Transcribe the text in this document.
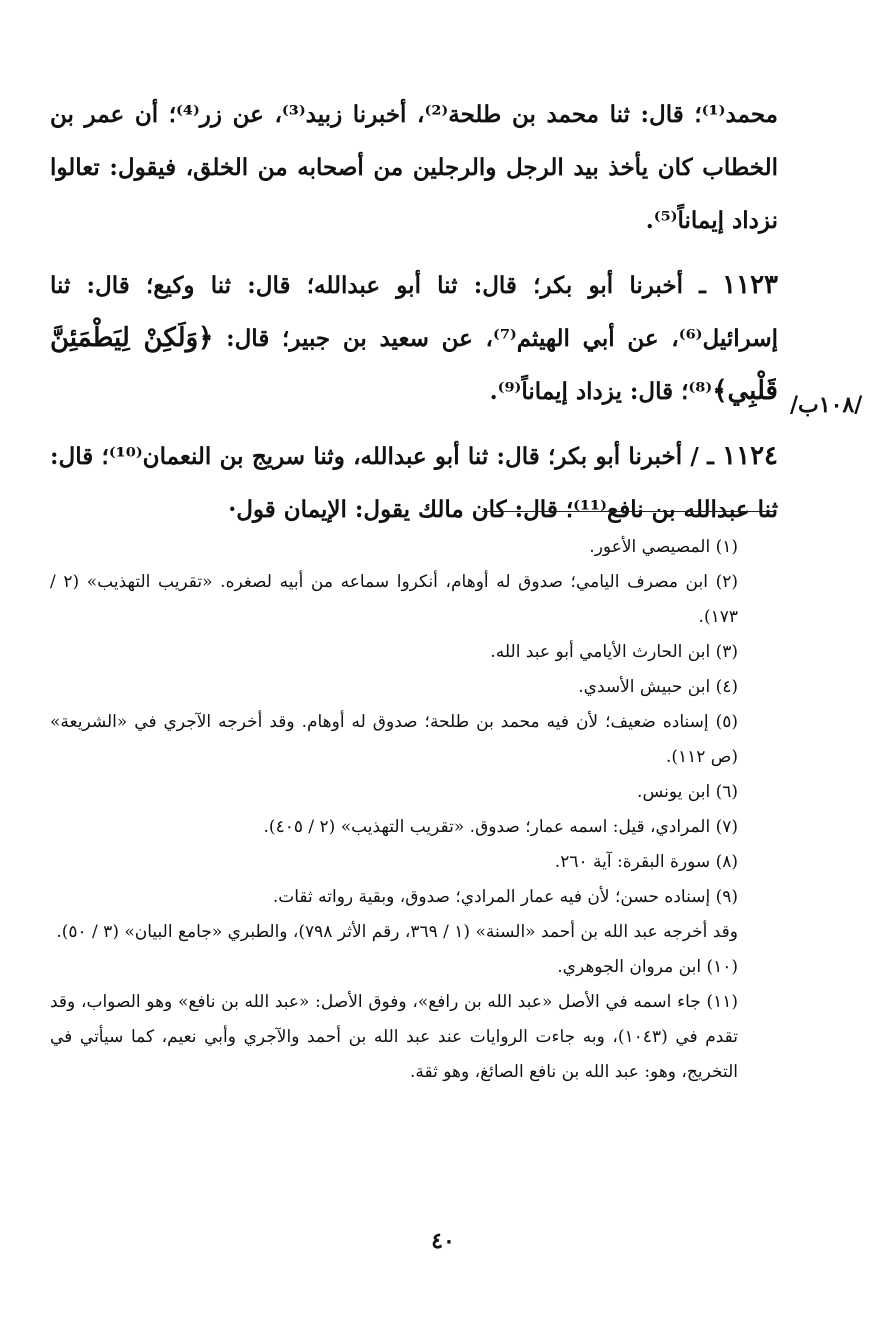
/١٠٨ب/

محمد⁽¹⁾؛ قال: ثنا محمد بن طلحة⁽²⁾، أخبرنا زبيد⁽³⁾، عن زر⁽⁴⁾؛ أن عمر بن الخطاب كان يأخذ بيد الرجل والرجلين من أصحابه من الخلق، فيقول: تعالوا نزداد إيماناً⁽⁵⁾.

١١٢٣ ـ أخبرنا أبو بكر؛ قال: ثنا أبو عبدالله؛ قال: ثنا وكيع؛ قال: ثنا إسرائيل⁽⁶⁾، عن أبي الهيثم⁽⁷⁾، عن سعيد بن جبير؛ قال: ﴿وَلَكِنْ لِيَطْمَئِنَّ قَلْبِي﴾⁽⁸⁾؛ قال: يزداد إيماناً⁽⁹⁾.

١١٢٤ ـ / أخبرنا أبو بكر؛ قال: ثنا أبو عبدالله، وثنا سريج بن النعمان⁽¹⁰⁾؛ قال: ثنا عبدالله بن نافع⁽¹¹⁾؛ قال: كان مالك يقول: الإيمان قول·

(١) المصيصي الأعور.

(٢) ابن مصرف اليامي؛ صدوق له أوهام، أنكروا سماعه من أبيه لصغره. «تقريب التهذيب» (٢ / ١٧٣).

(٣) ابن الحارث الأيامي أبو عبد الله.

(٤) ابن حبيش الأسدي.

(٥) إسناده ضعيف؛ لأن فيه محمد بن طلحة؛ صدوق له أوهام. وقد أخرجه الآجري في «الشريعة» (ص ١١٢).

(٦) ابن يونس.

(٧) المرادي، قيل: اسمه عمار؛ صدوق. «تقريب التهذيب» (٢ / ٤٠٥).

(٨) سورة البقرة: آية ٢٦٠.

(٩) إسناده حسن؛ لأن فيه عمار المرادي؛ صدوق، وبقية رواته ثقات.

وقد أخرجه عبد الله بن أحمد «السنة» (١ / ٣٦٩، رقم الأثر ٧٩٨)، والطبري «جامع البيان» (٣ / ٥٠).

(١٠) ابن مروان الجوهري.

(١١) جاء اسمه في الأصل «عبد الله بن رافع»، وفوق الأصل: «عبد الله بن نافع» وهو الصواب، وقد تقدم في (١٠٤٣)، وبه جاءت الروايات عند عبد الله بن أحمد والآجري وأبي نعيم، كما سيأتي في التخريج، وهو: عبد الله بن نافع الصائغ، وهو ثقة.

٤٠
